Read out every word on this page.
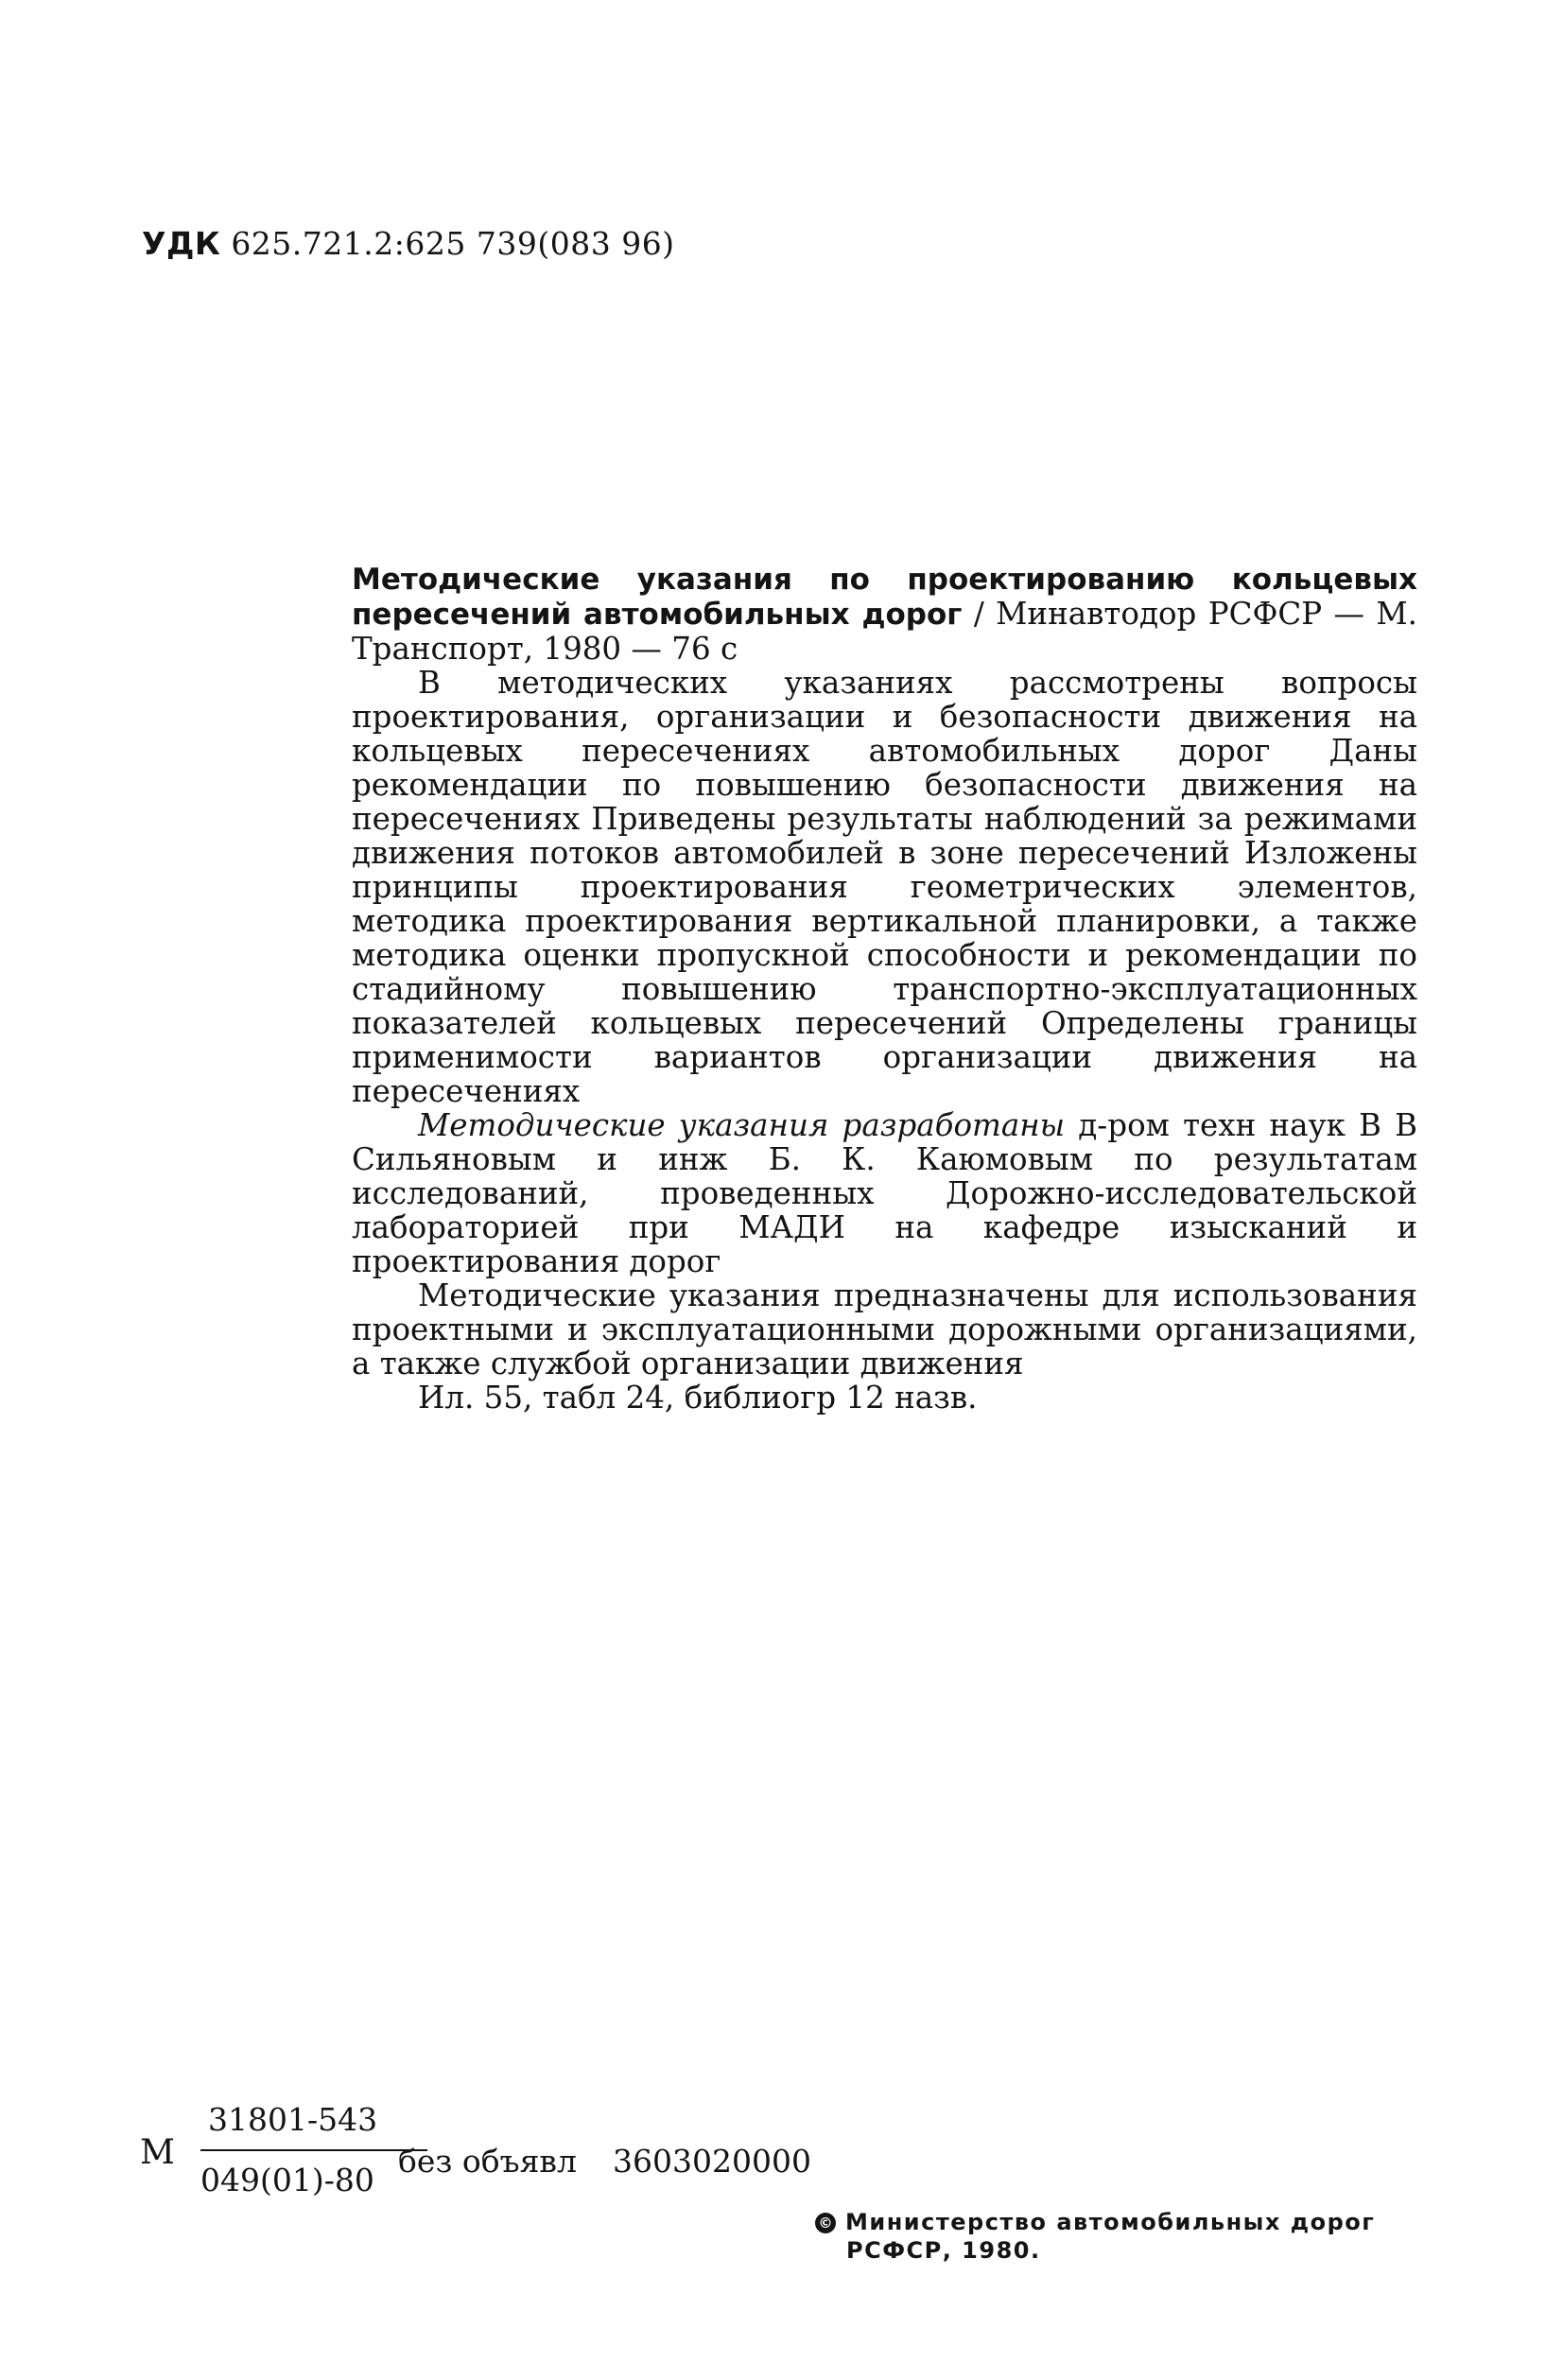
УДК 625.721.2:625 739(083 96)

Методические указания по проектированию кольцевых пересечений автомобильных дорог / Минавтодор РСФСР — М. Транспорт, 1980 — 76 с

В методических указаниях рассмотрены вопросы проектирования, организации и безопасности движения на кольцевых пересечениях автомобильных дорог Даны рекомендации по повышению безопасности движения на пересечениях Приведены результаты наблюдений за режимами движения потоков автомобилей в зоне пересечений Изложены принципы проектирования геометрических элементов, методика проектирования вертикальной планировки, а также методика оценки пропускной способности и рекомендации по стадийному повышению транспортно-эксплуатационных показателей кольцевых пересечений Определены границы применимости вариантов организации движения на пересечениях

Методические указания разработаны д-ром техн наук В В Сильяновым и инж Б. К. Каюмовым по результатам исследований, проведенных Дорожно-исследовательской лабораторией при МАДИ на кафедре изысканий и проектирования дорог

Методические указания предназначены для использования проектными и эксплуатационными дорожными организациями, а также службой организации движения

Ил. 55, табл 24, библиогр 12 назв.

М
31801-543
049(01)-80
без объявл 3603020000
© Министерство автомобильных дорог
РСФСР, 1980.
